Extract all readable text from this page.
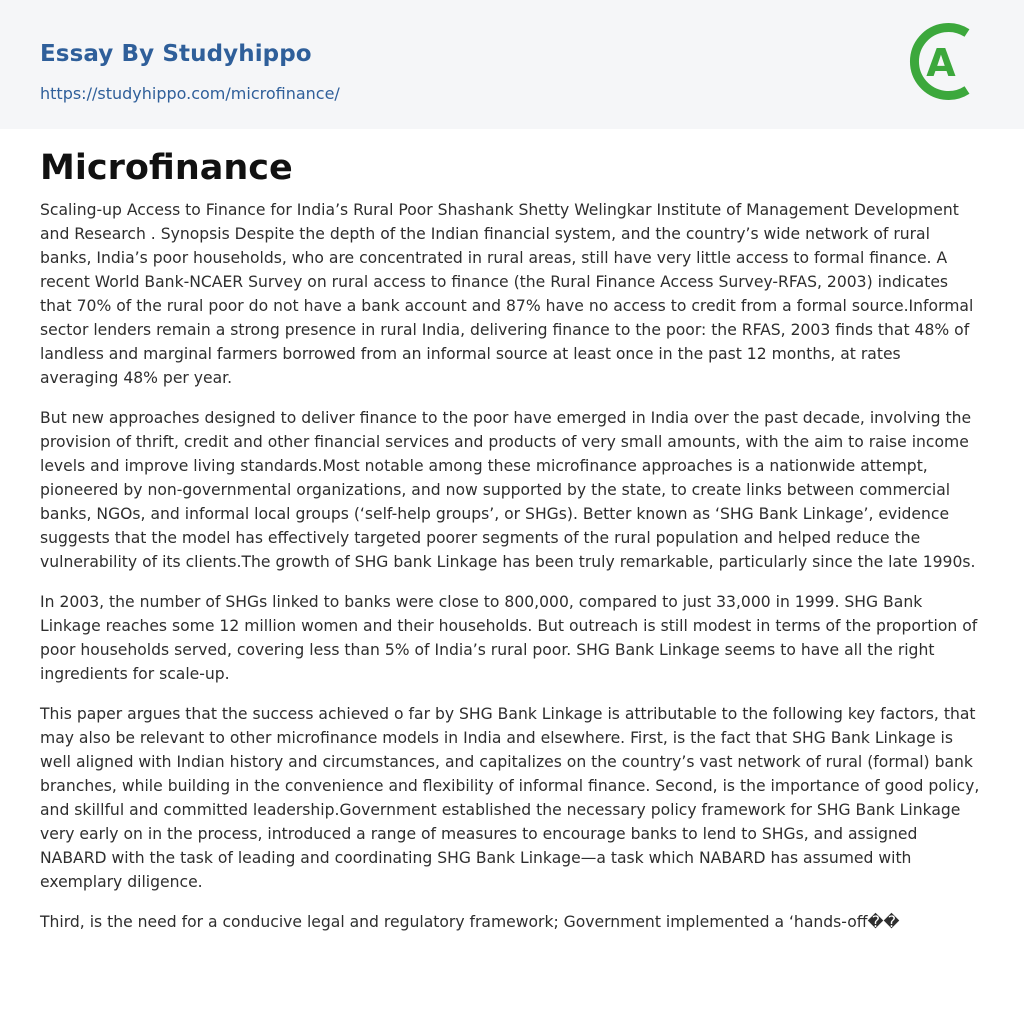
Essay By Studyhippo
https://studyhippo.com/microfinance/
A
Microfinance

Scaling-up Access to Finance for India’s Rural Poor Shashank Shetty Welingkar Institute of Management Development and Research . Synopsis Despite the depth of the Indian financial system, and the country’s wide network of rural banks, India’s poor households, who are concentrated in rural areas, still have very little access to formal finance. A recent World Bank-NCAER Survey on rural access to finance (the Rural Finance Access Survey-RFAS, 2003) indicates that 70% of the rural poor do not have a bank account and 87% have no access to credit from a formal source.Informal sector lenders remain a strong presence in rural India, delivering finance to the poor: the RFAS, 2003 finds that 48% of landless and marginal farmers borrowed from an informal source at least once in the past 12 months, at rates averaging 48% per year.

But new approaches designed to deliver finance to the poor have emerged in India over the past decade, involving the provision of thrift, credit and other financial services and products of very small amounts, with the aim to raise income levels and improve living standards.Most notable among these microfinance approaches is a nationwide attempt, pioneered by non-governmental organizations, and now supported by the state, to create links between commercial banks, NGOs, and informal local groups (‘self-help groups’, or SHGs). Better known as ‘SHG Bank Linkage’, evidence suggests that the model has effectively targeted poorer segments of the rural population and helped reduce the vulnerability of its clients.The growth of SHG bank Linkage has been truly remarkable, particularly since the late 1990s.

In 2003, the number of SHGs linked to banks were close to 800,000, compared to just 33,000 in 1999. SHG Bank Linkage reaches some 12 million women and their households. But outreach is still modest in terms of the proportion of poor households served, covering less than 5% of India’s rural poor. SHG Bank Linkage seems to have all the right ingredients for scale-up.

This paper argues that the success achieved o far by SHG Bank Linkage is attributable to the following key factors, that may also be relevant to other microfinance models in India and elsewhere. First, is the fact that SHG Bank Linkage is well aligned with Indian history and circumstances, and capitalizes on the country’s vast network of rural (formal) bank branches, while building in the convenience and flexibility of informal finance. Second, is the importance of good policy, and skillful and committed leadership.Government established the necessary policy framework for SHG Bank Linkage very early on in the process, introduced a range of measures to encourage banks to lend to SHGs, and assigned NABARD with the task of leading and coordinating SHG Bank Linkage—a task which NABARD has assumed with exemplary diligence.

Third, is the need for a conducive legal and regulatory framework; Government implemented a ‘hands-off��
